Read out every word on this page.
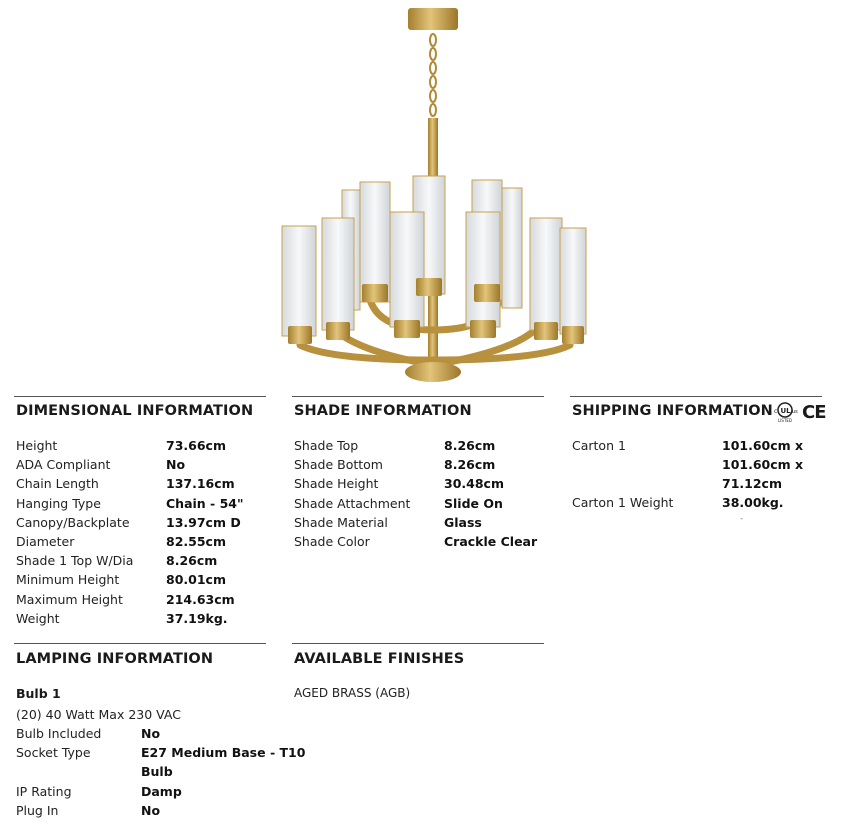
DIMENSIONAL INFORMATION
Height	73.66cm
ADA Compliant	No
Chain Length	137.16cm
Hanging Type	Chain - 54"
Canopy/Backplate	13.97cm D
Diameter	82.55cm
Shade 1 Top W/Dia	8.26cm
Minimum Height	80.01cm
Maximum Height	214.63cm
Weight	37.19kg.
SHADE INFORMATION
Shade Top	8.26cm
Shade Bottom	8.26cm
Shade Height	30.48cm
Shade Attachment	Slide On
Shade Material	Glass
Shade Color	Crackle Clear
SHIPPING INFORMATION c UL us
LISTED CE
Carton 1	101.60cm x
101.60cm x
71.12cm
Carton 1 Weight	38.00kg.
-
LAMPING INFORMATION
Bulb 1
(20) 40 Watt Max 230 VAC
Bulb Included	No
Socket Type	E27 Medium Base - T10
Bulb
IP Rating	Damp
Plug In	No
AVAILABLE FINISHES
AGED BRASS (AGB)
